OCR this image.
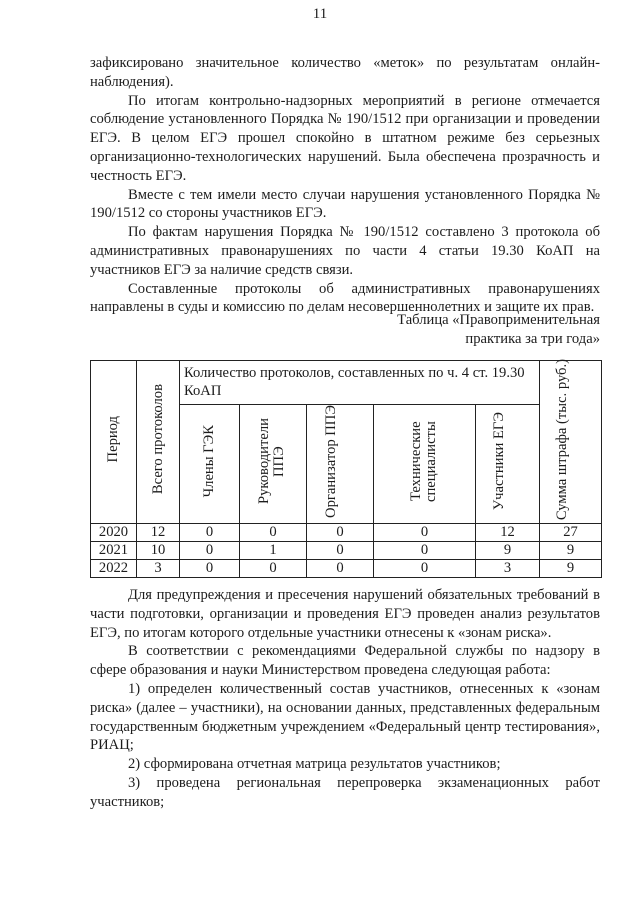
11

зафиксировано значительное количество «меток» по результатам онлайн-наблюдения).

По итогам контрольно-надзорных мероприятий в регионе отмечается соблюдение установленного Порядка № 190/1512 при организации и проведении ЕГЭ. В целом ЕГЭ прошел спокойно в штатном режиме без серьезных организационно-технологических нарушений. Была обеспечена прозрачность и честность ЕГЭ.

Вместе с тем имели место случаи нарушения установленного Порядка № 190/1512 со стороны участников ЕГЭ.

По фактам нарушения Порядка № 190/1512 составлено 3 протокола об административных правонарушениях по части 4 статьи 19.30 КоАП на участников ЕГЭ за наличие средств связи.

Составленные протоколы об административных правонарушениях направлены в суды и комиссию по делам несовершеннолетних и защите их прав.

Таблица «Правоприменительная
практика за три года»
Период	Всего протоколов	Количество протоколов, составленных по ч. 4 ст. 19.30 КоАП					Сумма штрафа (тыс. руб.)
		Члены ГЭК	Руководители ППЭ	Организатор ППЭ	Технические специалисты	Участники ЕГЭ	
2020	12	0	0	0	0	12	27
2021	10	0	1	0	0	9	9
2022	3	0	0	0	0	3	9

Для предупреждения и пресечения нарушений обязательных требований в части подготовки, организации и проведения ЕГЭ проведен анализ результатов ЕГЭ, по итогам которого отдельные участники отнесены к «зонам риска».

В соответствии с рекомендациями Федеральной службы по надзору в сфере образования и науки Министерством проведена следующая работа:

1) определен количественный состав участников, отнесенных к «зонам риска» (далее – участники), на основании данных, представленных федеральным государственным бюджетным учреждением «Федеральный центр тестирования», РИАЦ;

2) сформирована отчетная матрица результатов участников;

3) проведена региональная перепроверка экзаменационных работ участников;
